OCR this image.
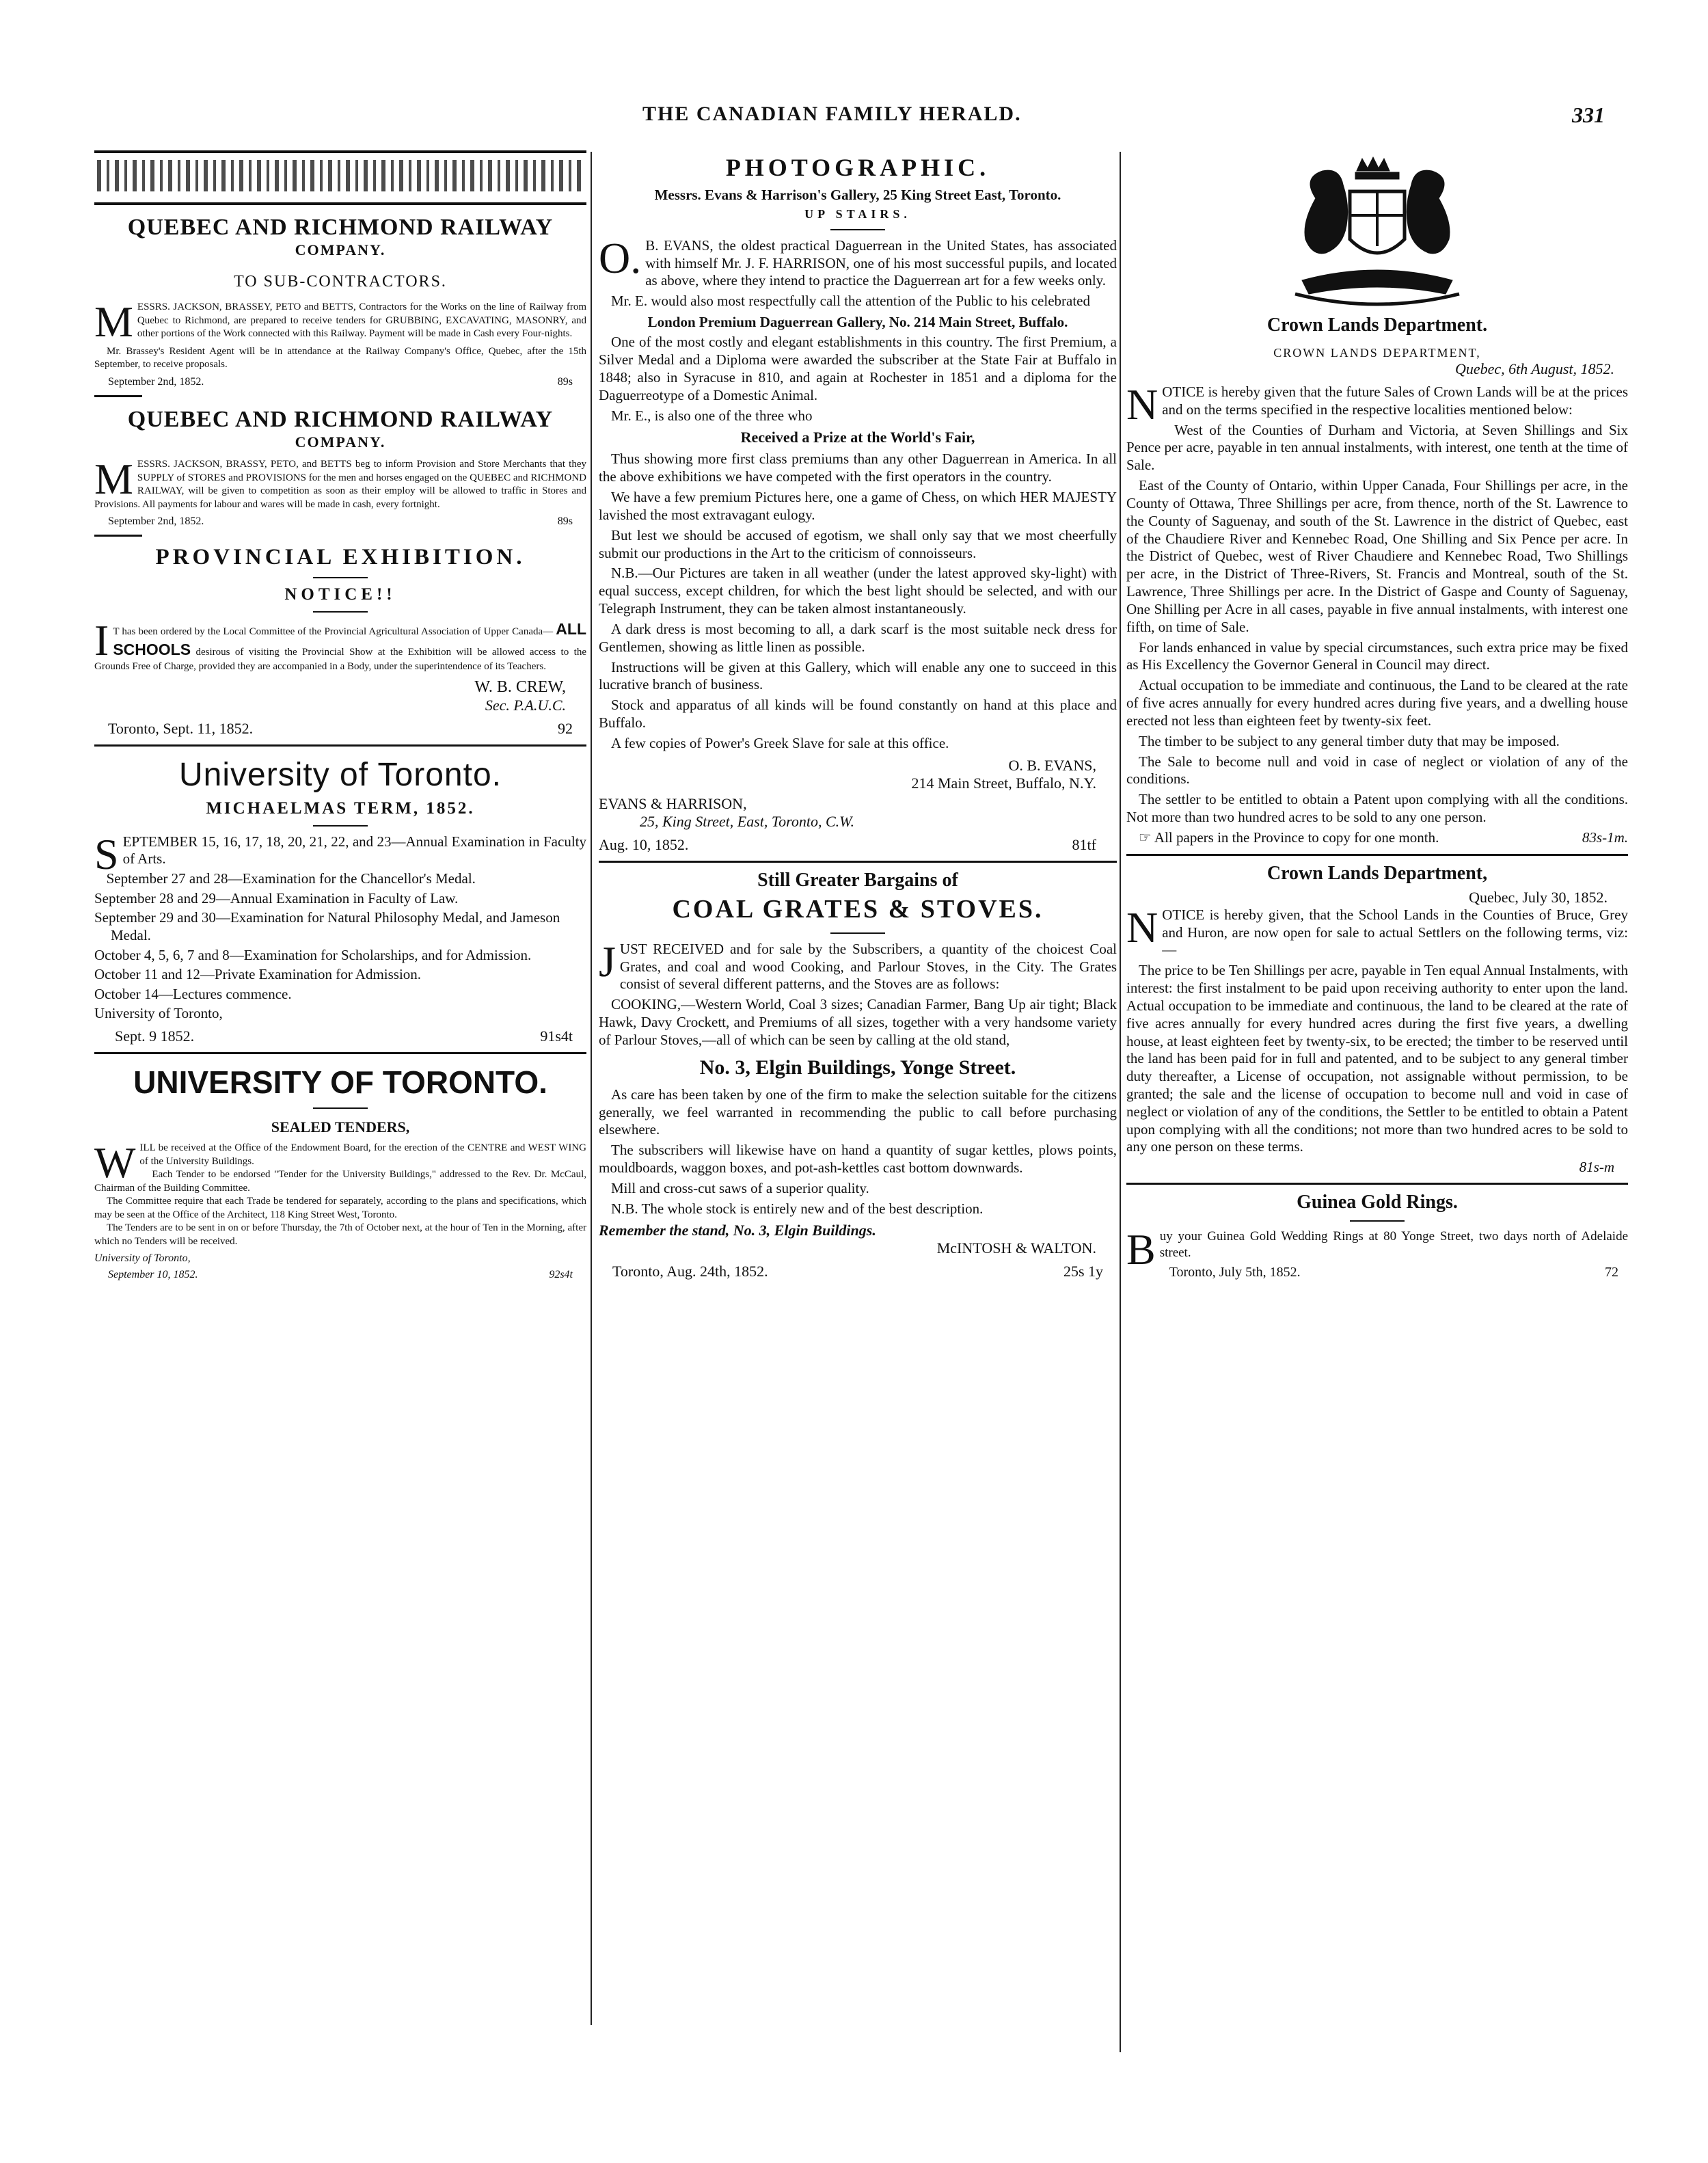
THE CANADIAN FAMILY HERALD.	331
QUEBEC AND RICHMOND RAILWAY
COMPANY.
TO SUB-CONTRACTORS.

MESSRS. JACKSON, BRASSEY, PETO and BETTS, Contractors for the Works on the line of Railway from Quebec to Richmond, are prepared to receive tenders for GRUBBING, EXCAVATING, MASONRY, and other portions of the Work connected with this Railway. Payment will be made in Cash every Four-nights.

Mr. Brassey's Resident Agent will be in attendance at the Railway Company's Office, Quebec, after the 15th September, to receive proposals.

September 2nd, 1852.	89s
QUEBEC AND RICHMOND RAILWAY
COMPANY.

MESSRS. JACKSON, BRASSY, PETO, and BETTS beg to inform Provision and Store Merchants that they SUPPLY of STORES and PROVISIONS for the men and horses engaged on the QUEBEC and RICHMOND RAILWAY, will be given to competition as soon as their employ will be allowed to traffic in Stores and Provisions. All payments for labour and wares will be made in cash, every fortnight.

September 2nd, 1852.	89s
PROVINCIAL EXHIBITION.
NOTICE!!

IT has been ordered by the Local Committee of the Provincial Agricultural Association of Upper Canada— ALL SCHOOLS desirous of visiting the Provincial Show at the Exhibition will be allowed access to the Grounds Free of Charge, provided they are accompanied in a Body, under the superintendence of its Teachers.

W. B. CREW,
Sec. P.A.U.C.
Toronto, Sept. 11, 1852.	92
University of Toronto.
MICHAELMAS TERM, 1852.

SEPTEMBER 15, 16, 17, 18, 20, 21, 22, and 23—Annual Examination in Faculty of Arts.

September 27 and 28—Examination for the Chancellor's Medal.

September 28 and 29—Annual Examination in Faculty of Law.

September 29 and 30—Examination for Natural Philosophy Medal, and Jameson Medal.

October 4, 5, 6, 7 and 8—Examination for Scholarships, and for Admission.

October 11 and 12—Private Examination for Admission.

October 14—Lectures commence.

University of Toronto,
Sept. 9 1852.	91s4t
UNIVERSITY OF TORONTO.
SEALED TENDERS,

WILL be received at the Office of the Endowment Board, for the erection of the CENTRE and WEST WING of the University Buildings.

Each Tender to be endorsed "Tender for the University Buildings," addressed to the Rev. Dr. McCaul, Chairman of the Building Committee.

The Committee require that each Trade be tendered for separately, according to the plans and specifications, which may be seen at the Office of the Architect, 118 King Street West, Toronto.

The Tenders are to be sent in on or before Thursday, the 7th of October next, at the hour of Ten in the Morning, after which no Tenders will be received.

University of Toronto,
September 10, 1852.	92s4t
PHOTOGRAPHIC.
Messrs. Evans & Harrison's Gallery, 25 King Street East, Toronto.
UP STAIRS.

O.B. EVANS, the oldest practical Daguerrean in the United States, has associated with himself Mr. J. F. HARRISON, one of his most successful pupils, and located as above, where they intend to practice the Daguerrean art for a few weeks only.

Mr. E. would also most respectfully call the attention of the Public to his celebrated

London Premium Daguerrean Gallery, No. 214 Main Street, Buffalo.

One of the most costly and elegant establishments in this country. The first Premium, a Silver Medal and a Diploma were awarded the subscriber at the State Fair at Buffalo in 1848; also in Syracuse in 810, and again at Rochester in 1851 and a diploma for the Daguerreotype of a Domestic Animal.

Mr. E., is also one of the three who

Received a Prize at the World's Fair,

Thus showing more first class premiums than any other Daguerrean in America. In all the above exhibitions we have competed with the first operators in the country.

We have a few premium Pictures here, one a game of Chess, on which HER MAJESTY lavished the most extravagant eulogy.

But lest we should be accused of egotism, we shall only say that we most cheerfully submit our productions in the Art to the criticism of connoisseurs.

N.B.—Our Pictures are taken in all weather (under the latest approved sky-light) with equal success, except children, for which the best light should be selected, and with our Telegraph Instrument, they can be taken almost instantaneously.

A dark dress is most becoming to all, a dark scarf is the most suitable neck dress for Gentlemen, showing as little linen as possible.

Instructions will be given at this Gallery, which will enable any one to succeed in this lucrative branch of business.

Stock and apparatus of all kinds will be found constantly on hand at this place and Buffalo.

A few copies of Power's Greek Slave for sale at this office.

O. B. EVANS,
214 Main Street, Buffalo, N.Y.
EVANS & HARRISON,
25, King Street, East, Toronto, C.W.
Aug. 10, 1852.	81tf
Still Greater Bargains of
COAL GRATES & STOVES.

JUST RECEIVED and for sale by the Subscribers, a quantity of the choicest Coal Grates, and coal and wood Cooking, and Parlour Stoves, in the City. The Grates consist of several different patterns, and the Stoves are as follows:

COOKING,—Western World, Coal 3 sizes; Canadian Farmer, Bang Up air tight; Black Hawk, Davy Crockett, and Premiums of all sizes, together with a very handsome variety of Parlour Stoves,—all of which can be seen by calling at the old stand,

No. 3, Elgin Buildings, Yonge Street.

As care has been taken by one of the firm to make the selection suitable for the citizens generally, we feel warranted in recommending the public to call before purchasing elsewhere.

The subscribers will likewise have on hand a quantity of sugar kettles, plows points, mouldboards, waggon boxes, and pot-ash-kettles cast bottom downwards.

Mill and cross-cut saws of a superior quality.

N.B. The whole stock is entirely new and of the best description.

Remember the stand, No. 3, Elgin Buildings.
McINTOSH & WALTON.
Toronto, Aug. 24th, 1852.	25s 1y
Crown Lands Department.
CROWN LANDS DEPARTMENT,
Quebec, 6th August, 1852.

NOTICE is hereby given that the future Sales of Crown Lands will be at the prices and on the terms specified in the respective localities mentioned below:

West of the Counties of Durham and Victoria, at Seven Shillings and Six Pence per acre, payable in ten annual instalments, with interest, one tenth at the time of Sale.

East of the County of Ontario, within Upper Canada, Four Shillings per acre, in the County of Ottawa, Three Shillings per acre, from thence, north of the St. Lawrence to the County of Saguenay, and south of the St. Lawrence in the district of Quebec, east of the Chaudiere River and Kennebec Road, One Shilling and Six Pence per acre. In the District of Quebec, west of River Chaudiere and Kennebec Road, Two Shillings per acre, in the District of Three-Rivers, St. Francis and Montreal, south of the St. Lawrence, Three Shillings per acre. In the District of Gaspe and County of Saguenay, One Shilling per Acre in all cases, payable in five annual instalments, with interest one fifth, on time of Sale.

For lands enhanced in value by special circumstances, such extra price may be fixed as His Excellency the Governor General in Council may direct.

Actual occupation to be immediate and continuous, the Land to be cleared at the rate of five acres annually for every hundred acres during five years, and a dwelling house erected not less than eighteen feet by twenty-six feet.

The timber to be subject to any general timber duty that may be imposed.

The Sale to become null and void in case of neglect or violation of any of the conditions.

The settler to be entitled to obtain a Patent upon complying with all the conditions. Not more than two hundred acres to be sold to any one person.

☞ All papers in the Province to copy for one month.	83s-1m.

Crown Lands Department,
Quebec, July 30, 1852.

NOTICE is hereby given, that the School Lands in the Counties of Bruce, Grey and Huron, are now open for sale to actual Settlers on the following terms, viz:—

The price to be Ten Shillings per acre, payable in Ten equal Annual Instalments, with interest: the first instalment to be paid upon receiving authority to enter upon the land. Actual occupation to be immediate and continuous, the land to be cleared at the rate of five acres annually for every hundred acres during the first five years, a dwelling house, at least eighteen feet by twenty-six, to be erected; the timber to be reserved until the land has been paid for in full and patented, and to be subject to any general timber duty thereafter, a License of occupation, not assignable without permission, to be granted; the sale and the license of occupation to become null and void in case of neglect or violation of any of the conditions, the Settler to be entitled to obtain a Patent upon complying with all the conditions; not more than two hundred acres to be sold to any one person on these terms.

81s-m
Guinea Gold Rings.

Buy your Guinea Gold Wedding Rings at 80 Yonge Street, two days north of Adelaide street.

Toronto, July 5th, 1852.	72
